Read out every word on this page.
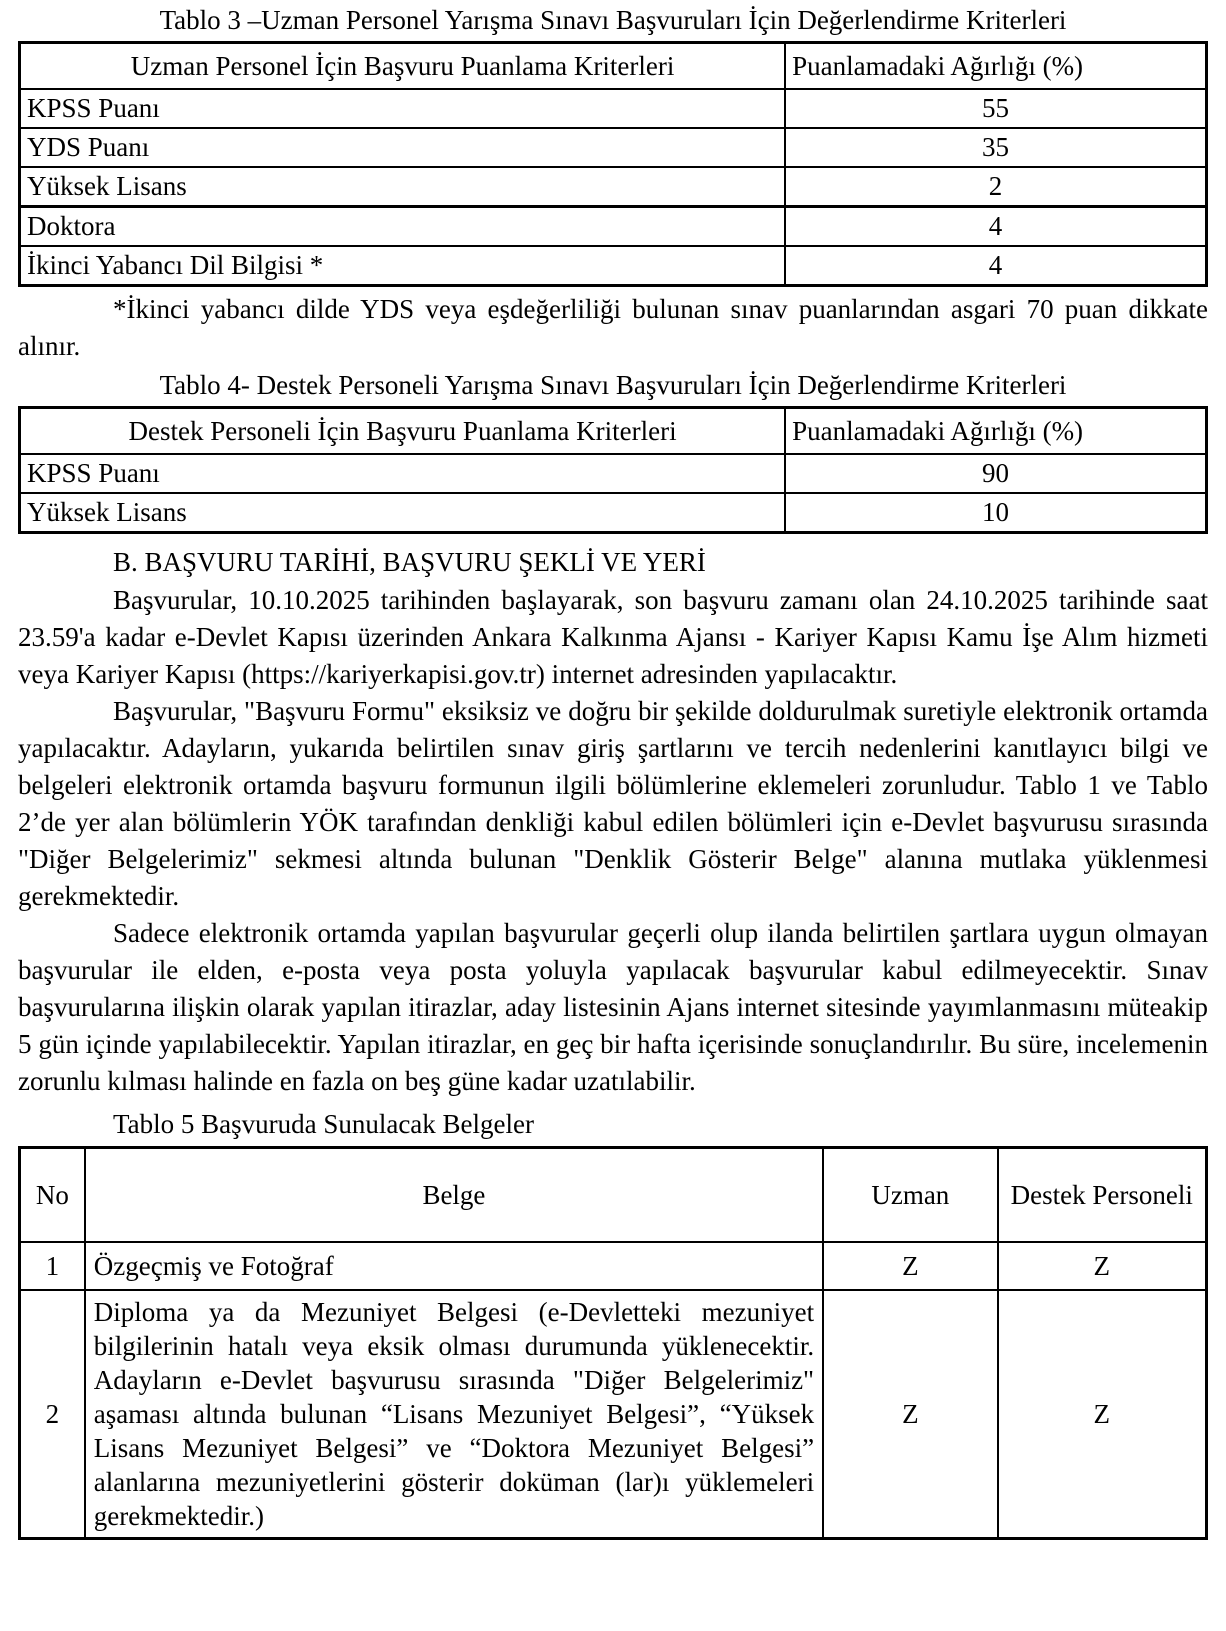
Tablo 3 –Uzman Personel Yarışma Sınavı Başvuruları İçin Değerlendirme Kriterleri

Uzman Personel İçin Başvuru Puanlama Kriterleri	Puanlamadaki Ağırlığı (%)
KPSS Puanı	55
YDS Puanı	35
Yüksek Lisans	2
Doktora	4
İkinci Yabancı Dil Bilgisi *	4

*İkinci yabancı dilde YDS veya eşdeğerliliği bulunan sınav puanlarından asgari 70 puan dikkate alınır.

Tablo 4- Destek Personeli Yarışma Sınavı Başvuruları İçin Değerlendirme Kriterleri

Destek Personeli İçin Başvuru Puanlama Kriterleri	Puanlamadaki Ağırlığı (%)
KPSS Puanı	90
Yüksek Lisans	10

B. BAŞVURU TARİHİ, BAŞVURU ŞEKLİ VE YERİ

Başvurular, 10.10.2025 tarihinden başlayarak, son başvuru zamanı olan 24.10.2025 tarihinde saat 23.59'a kadar e-Devlet Kapısı üzerinden Ankara Kalkınma Ajansı - Kariyer Kapısı Kamu İşe Alım hizmeti veya Kariyer Kapısı (https://kariyerkapisi.gov.tr) internet adresinden yapılacaktır.

Başvurular, "Başvuru Formu" eksiksiz ve doğru bir şekilde doldurulmak suretiyle elektronik ortamda yapılacaktır. Adayların, yukarıda belirtilen sınav giriş şartlarını ve tercih nedenlerini kanıtlayıcı bilgi ve belgeleri elektronik ortamda başvuru formunun ilgili bölümlerine eklemeleri zorunludur. Tablo 1 ve Tablo 2’de yer alan bölümlerin YÖK tarafından denkliği kabul edilen bölümleri için e-Devlet başvurusu sırasında "Diğer Belgelerimiz" sekmesi altında bulunan "Denklik Gösterir Belge" alanına mutlaka yüklenmesi gerekmektedir.

Sadece elektronik ortamda yapılan başvurular geçerli olup ilanda belirtilen şartlara uygun olmayan başvurular ile elden, e-posta veya posta yoluyla yapılacak başvurular kabul edilmeyecektir. Sınav başvurularına ilişkin olarak yapılan itirazlar, aday listesinin Ajans internet sitesinde yayımlanmasını müteakip 5 gün içinde yapılabilecektir. Yapılan itirazlar, en geç bir hafta içerisinde sonuçlandırılır. Bu süre, incelemenin zorunlu kılması halinde en fazla on beş güne kadar uzatılabilir.

Tablo 5 Başvuruda Sunulacak Belgeler

No	Belge	Uzman	Destek Personeli
1	Özgeçmiş ve Fotoğraf	Z	Z
2	Diploma ya da Mezuniyet Belgesi (e-Devletteki mezuniyet bilgilerinin hatalı veya eksik olması durumunda yüklenecektir. Adayların e-Devlet başvurusu sırasında "Diğer Belgelerimiz" aşaması altında bulunan “Lisans Mezuniyet Belgesi”, “Yüksek Lisans Mezuniyet Belgesi” ve “Doktora Mezuniyet Belgesi” alanlarına mezuniyetlerini gösterir doküman (lar)ı yüklemeleri gerekmektedir.)	Z	Z
